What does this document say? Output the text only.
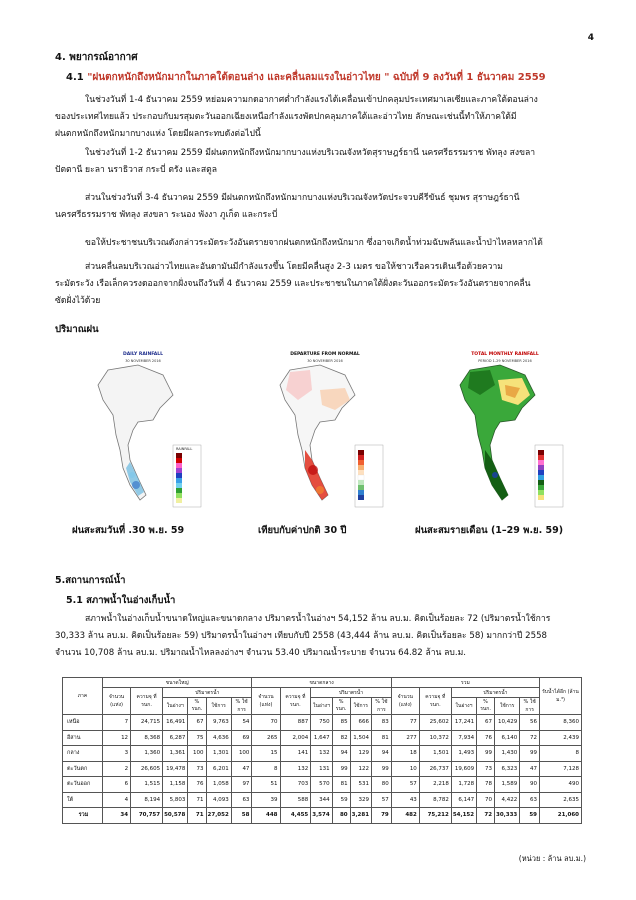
4
4. พยากรณ์อากาศ
4.1 "ฝนตกหนักถึงหนักมากในภาคใต้ตอนล่าง และคลื่นลมแรงในอ่าวไทย " ฉบับที่ 9 ลงวันที่ 1 ธันวาคม 2559
ในช่วงวันที่ 1-4 ธันวาคม 2559 หย่อมความกดอากาศต่ำกำลังแรงได้เคลื่อนเข้าปกคลุมประเทศมาเลเซียและภาคใต้ตอนล่าง
ของประเทศไทยแล้ว ประกอบกับมรสุมตะวันออกเฉียงเหนือกำลังแรงพัดปกคลุมภาคใต้และอ่าวไทย ลักษณะเช่นนี้ทำให้ภาคใต้มี
ฝนตกหนักถึงหนักมากบางแห่ง โดยมีผลกระทบดังต่อไปนี้
ในช่วงวันที่ 1-2 ธันวาคม 2559 มีฝนตกหนักถึงหนักมากบางแห่งบริเวณจังหวัดสุราษฎร์ธานี นครศรีธรรมราช พัทลุง สงขลา
ปัตตานี ยะลา นราธิวาส กระบี่ ตรัง และสตูล
ส่วนในช่วงวันที่ 3-4 ธันวาคม 2559 มีฝนตกหนักถึงหนักมากบางแห่งบริเวณจังหวัดประจวบคีรีขันธ์ ชุมพร สุราษฎร์ธานี
นครศรีธรรมราช พัทลุง สงขลา ระนอง พังงา ภูเก็ต และกระบี่
ขอให้ประชาชนบริเวณดังกล่าวระมัดระวังอันตรายจากฝนตกหนักถึงหนักมาก ซึ่งอาจเกิดน้ำท่วมฉับพลันและน้ำป่าไหลหลากได้
ส่วนคลื่นลมบริเวณอ่าวไทยและอันดามันมีกำลังแรงขึ้น โดยมีคลื่นสูง 2-3 เมตร ขอให้ชาวเรือควรเดินเรือด้วยความ
ระมัดระวัง เรือเล็กควรงดออกจากฝั่งจนถึงวันที่ 4 ธันวาคม 2559 และประชาชนในภาคใต้ฝั่งตะวันออกระมัดระวังอันตรายจากคลื่น
ซัดฝั่งไว้ด้วย
ปริมาณฝน
DAILY RAINFALL
30 NOVEMBER 2016
RAINFALL
DEPARTURE FROM NORMAL
30 NOVEMBER 2016
TOTAL MONTHLY RAINFALL
PERIOD 1-29 NOVEMBER 2016
ฝนสะสมวันที่ .30 พ.ย. 59	เทียบกับค่าปกติ 30 ปี	ฝนสะสมรายเดือน (1–29 พ.ย. 59)
5.สถานการณ์น้ำ
5.1 สภาพน้ำในอ่างเก็บน้ำ
สภาพน้ำในอ่างเก็บน้ำขนาดใหญ่และขนาดกลาง ปริมาตรน้ำในอ่างฯ 54,152 ล้าน ลบ.ม. คิดเป็นร้อยละ 72 (ปริมาตรน้ำใช้การ
30,333 ล้าน ลบ.ม. คิดเป็นร้อยละ 59) ปริมาตรน้ำในอ่างฯ เทียบกับปี 2558 (43,444 ล้าน ลบ.ม. คิดเป็นร้อยละ 58) มากกว่าปี 2558
จำนวน 10,708 ล้าน ลบ.ม. ปริมาณน้ำไหลลงอ่างฯ จำนวน 53.40 ปริมาณน้ำระบาย จำนวน 64.82 ล้าน ลบ.ม.
ภาค	ขนาดใหญ่						ขนาดกลาง						รวม						รับน้ำได้อีก (ล้าน ม.³)
	จำนวน (แห่ง)	ความจุ ที่ รนก.	ปริมาตรน้ำ				จำนวน (แห่ง)	ความจุ ที่ รนก.	ปริมาตรน้ำ				จำนวน (แห่ง)	ความจุ ที่ รนก.	ปริมาตรน้ำ				
			ในอ่างฯ	% รนก.	ใช้การ	% ใช้การ			ในอ่างฯ	% รนก.	ใช้การ	% ใช้การ			ในอ่างฯ	% รนก.	ใช้การ	% ใช้การ	
เหนือ	7	24,715	16,491	67	9,763	54	70	887	750	85	666	83	77	25,602	17,241	67	10,429	56	8,360
อีสาน	12	8,368	6,287	75	4,636	69	265	2,004	1,647	82	1,504	81	277	10,372	7,934	76	6,140	72	2,439
กลาง	3	1,360	1,361	100	1,301	100	15	141	132	94	129	94	18	1,501	1,493	99	1,430	99	8
ตะวันตก	2	26,605	19,478	73	6,201	47	8	132	131	99	122	99	10	26,737	19,609	73	6,323	47	7,128
ตะวันออก	6	1,515	1,158	76	1,058	97	51	703	570	81	531	80	57	2,218	1,728	78	1,589	90	490
ใต้	4	8,194	5,803	71	4,093	63	39	588	344	59	329	57	43	8,782	6,147	70	4,422	63	2,635
รวม	34	70,757	50,578	71	27,052	58	448	4,455	3,574	80	3,281	79	482	75,212	54,152	72	30,333	59	21,060
(หน่วย : ล้าน ลบ.ม.)
